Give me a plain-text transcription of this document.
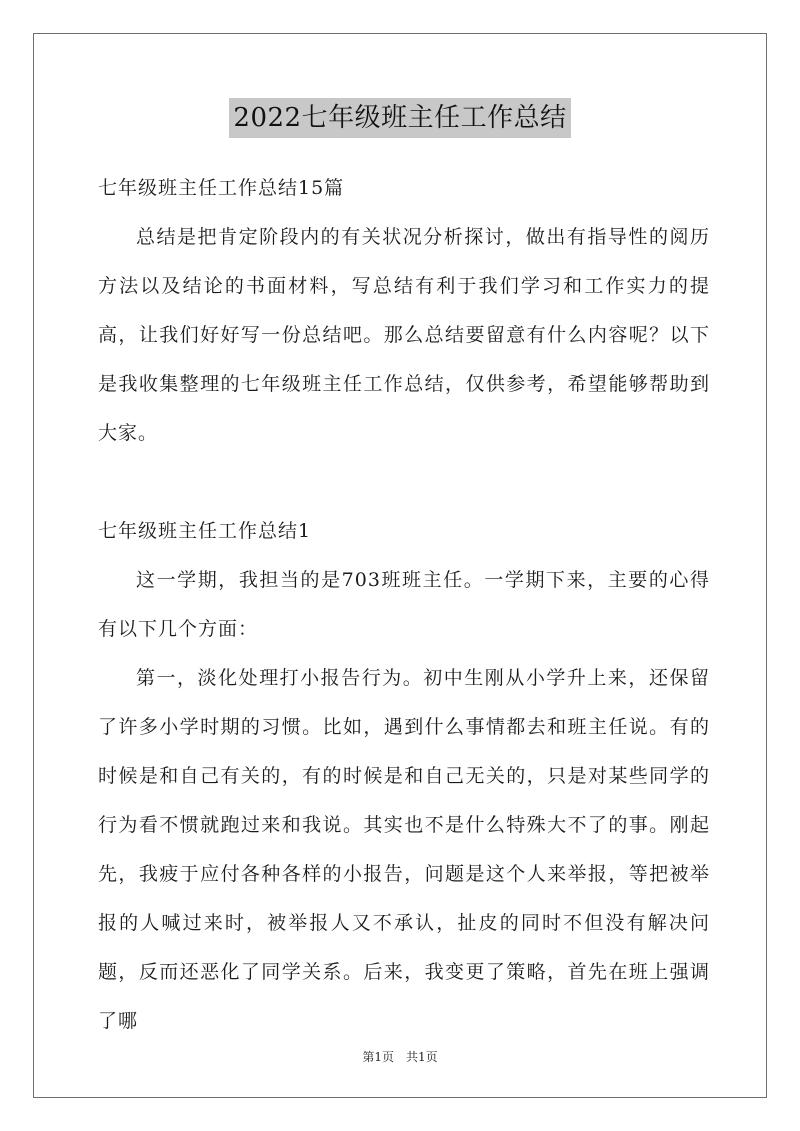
2022七年级班主任工作总结

七年级班主任工作总结15篇

总结是把肯定阶段内的有关状况分析探讨，做出有指导性的阅历方法以及结论的书面材料，写总结有利于我们学习和工作实力的提高，让我们好好写一份总结吧。那么总结要留意有什么内容呢？以下是我收集整理的七年级班主任工作总结，仅供参考，希望能够帮助到大家。

七年级班主任工作总结1

这一学期，我担当的是703班班主任。一学期下来，主要的心得有以下几个方面：

第一，淡化处理打小报告行为。初中生刚从小学升上来，还保留了许多小学时期的习惯。比如，遇到什么事情都去和班主任说。有的时候是和自己有关的，有的时候是和自己无关的，只是对某些同学的行为看不惯就跑过来和我说。其实也不是什么特殊大不了的事。刚起先，我疲于应付各种各样的小报告，问题是这个人来举报，等把被举报的人喊过来时，被举报人又不承认，扯皮的同时不但没有解决问题，反而还恶化了同学关系。后来，我变更了策略，首先在班上强调了哪

第1页　共1页
